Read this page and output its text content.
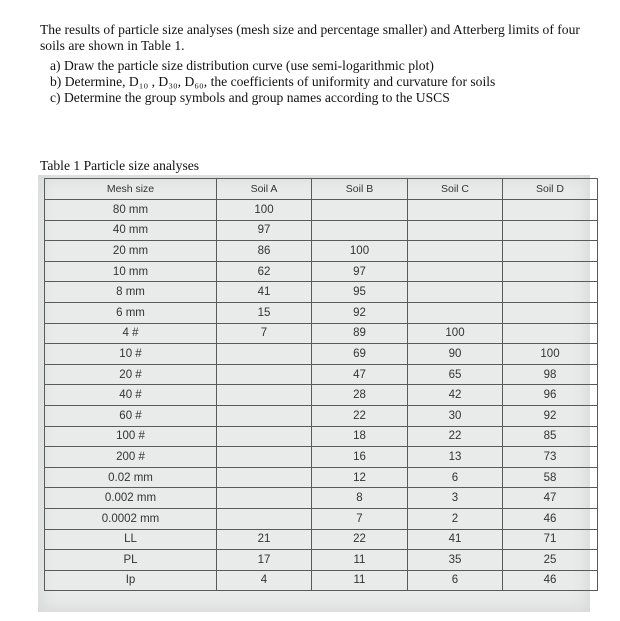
The results of particle size analyses (mesh size and percentage smaller) and Atterberg limits of four soils are shown in Table 1.

a) Draw the particle size distribution curve (use semi-logarithmic plot)
b) Determine, D₁₀ , D₃₀, D₆₀, the coefficients of uniformity and curvature for soils
c) Determine the group symbols and group names according to the USCS
Table 1 Particle size analyses
Mesh size	Soil A	Soil B	Soil C	Soil D
80 mm	100			
40 mm	97			
20 mm	86	100		
10 mm	62	97		
8 mm	41	95		
6 mm	15	92		
4 #	7	89	100	
10 #		69	90	100
20 #		47	65	98
40 #		28	42	96
60 #		22	30	92
100 #		18	22	85
200 #		16	13	73
0.02 mm		12	6	58
0.002 mm		8	3	47
0.0002 mm		7	2	46
LL	21	22	41	71
PL	17	11	35	25
Ip	4	11	6	46
